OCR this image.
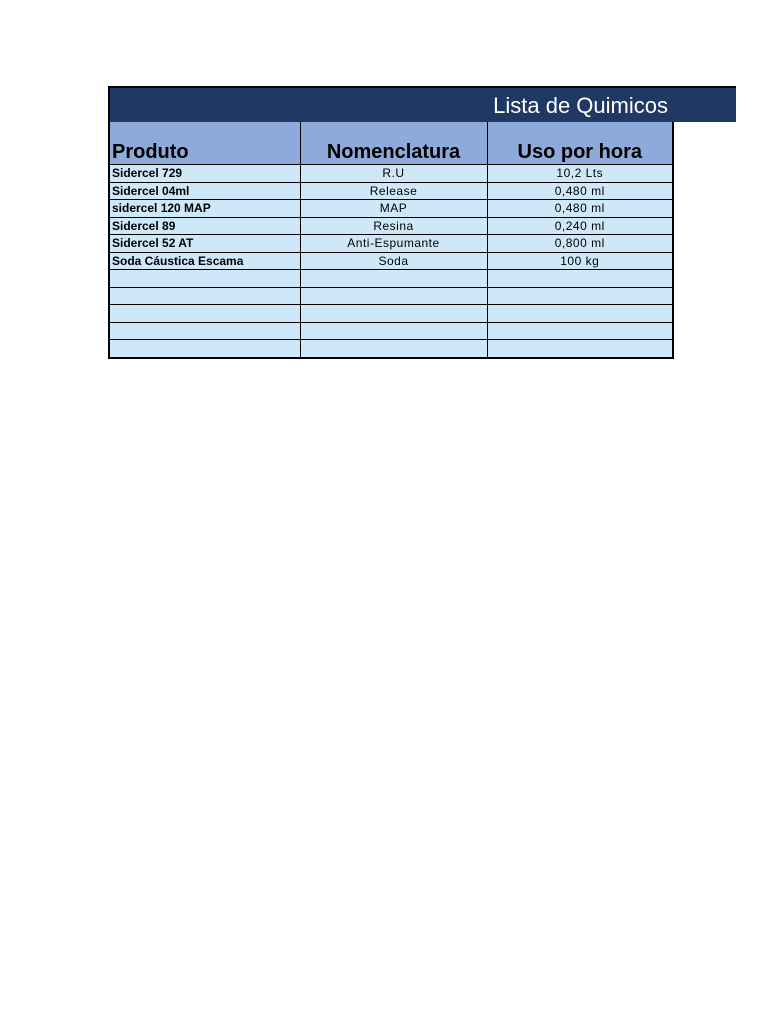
Lista de Quimicos
Produto	Nomenclatura	Uso por hora
Sidercel 729	R.U	10,2 Lts
Sidercel 04ml	Release	0,480 ml
sidercel 120 MAP	MAP	0,480 ml
Sidercel 89	Resina	0,240 ml
Sidercel 52 AT	Anti-Espumante	0,800 ml
Soda Cáustica Escama	Soda	100 kg
